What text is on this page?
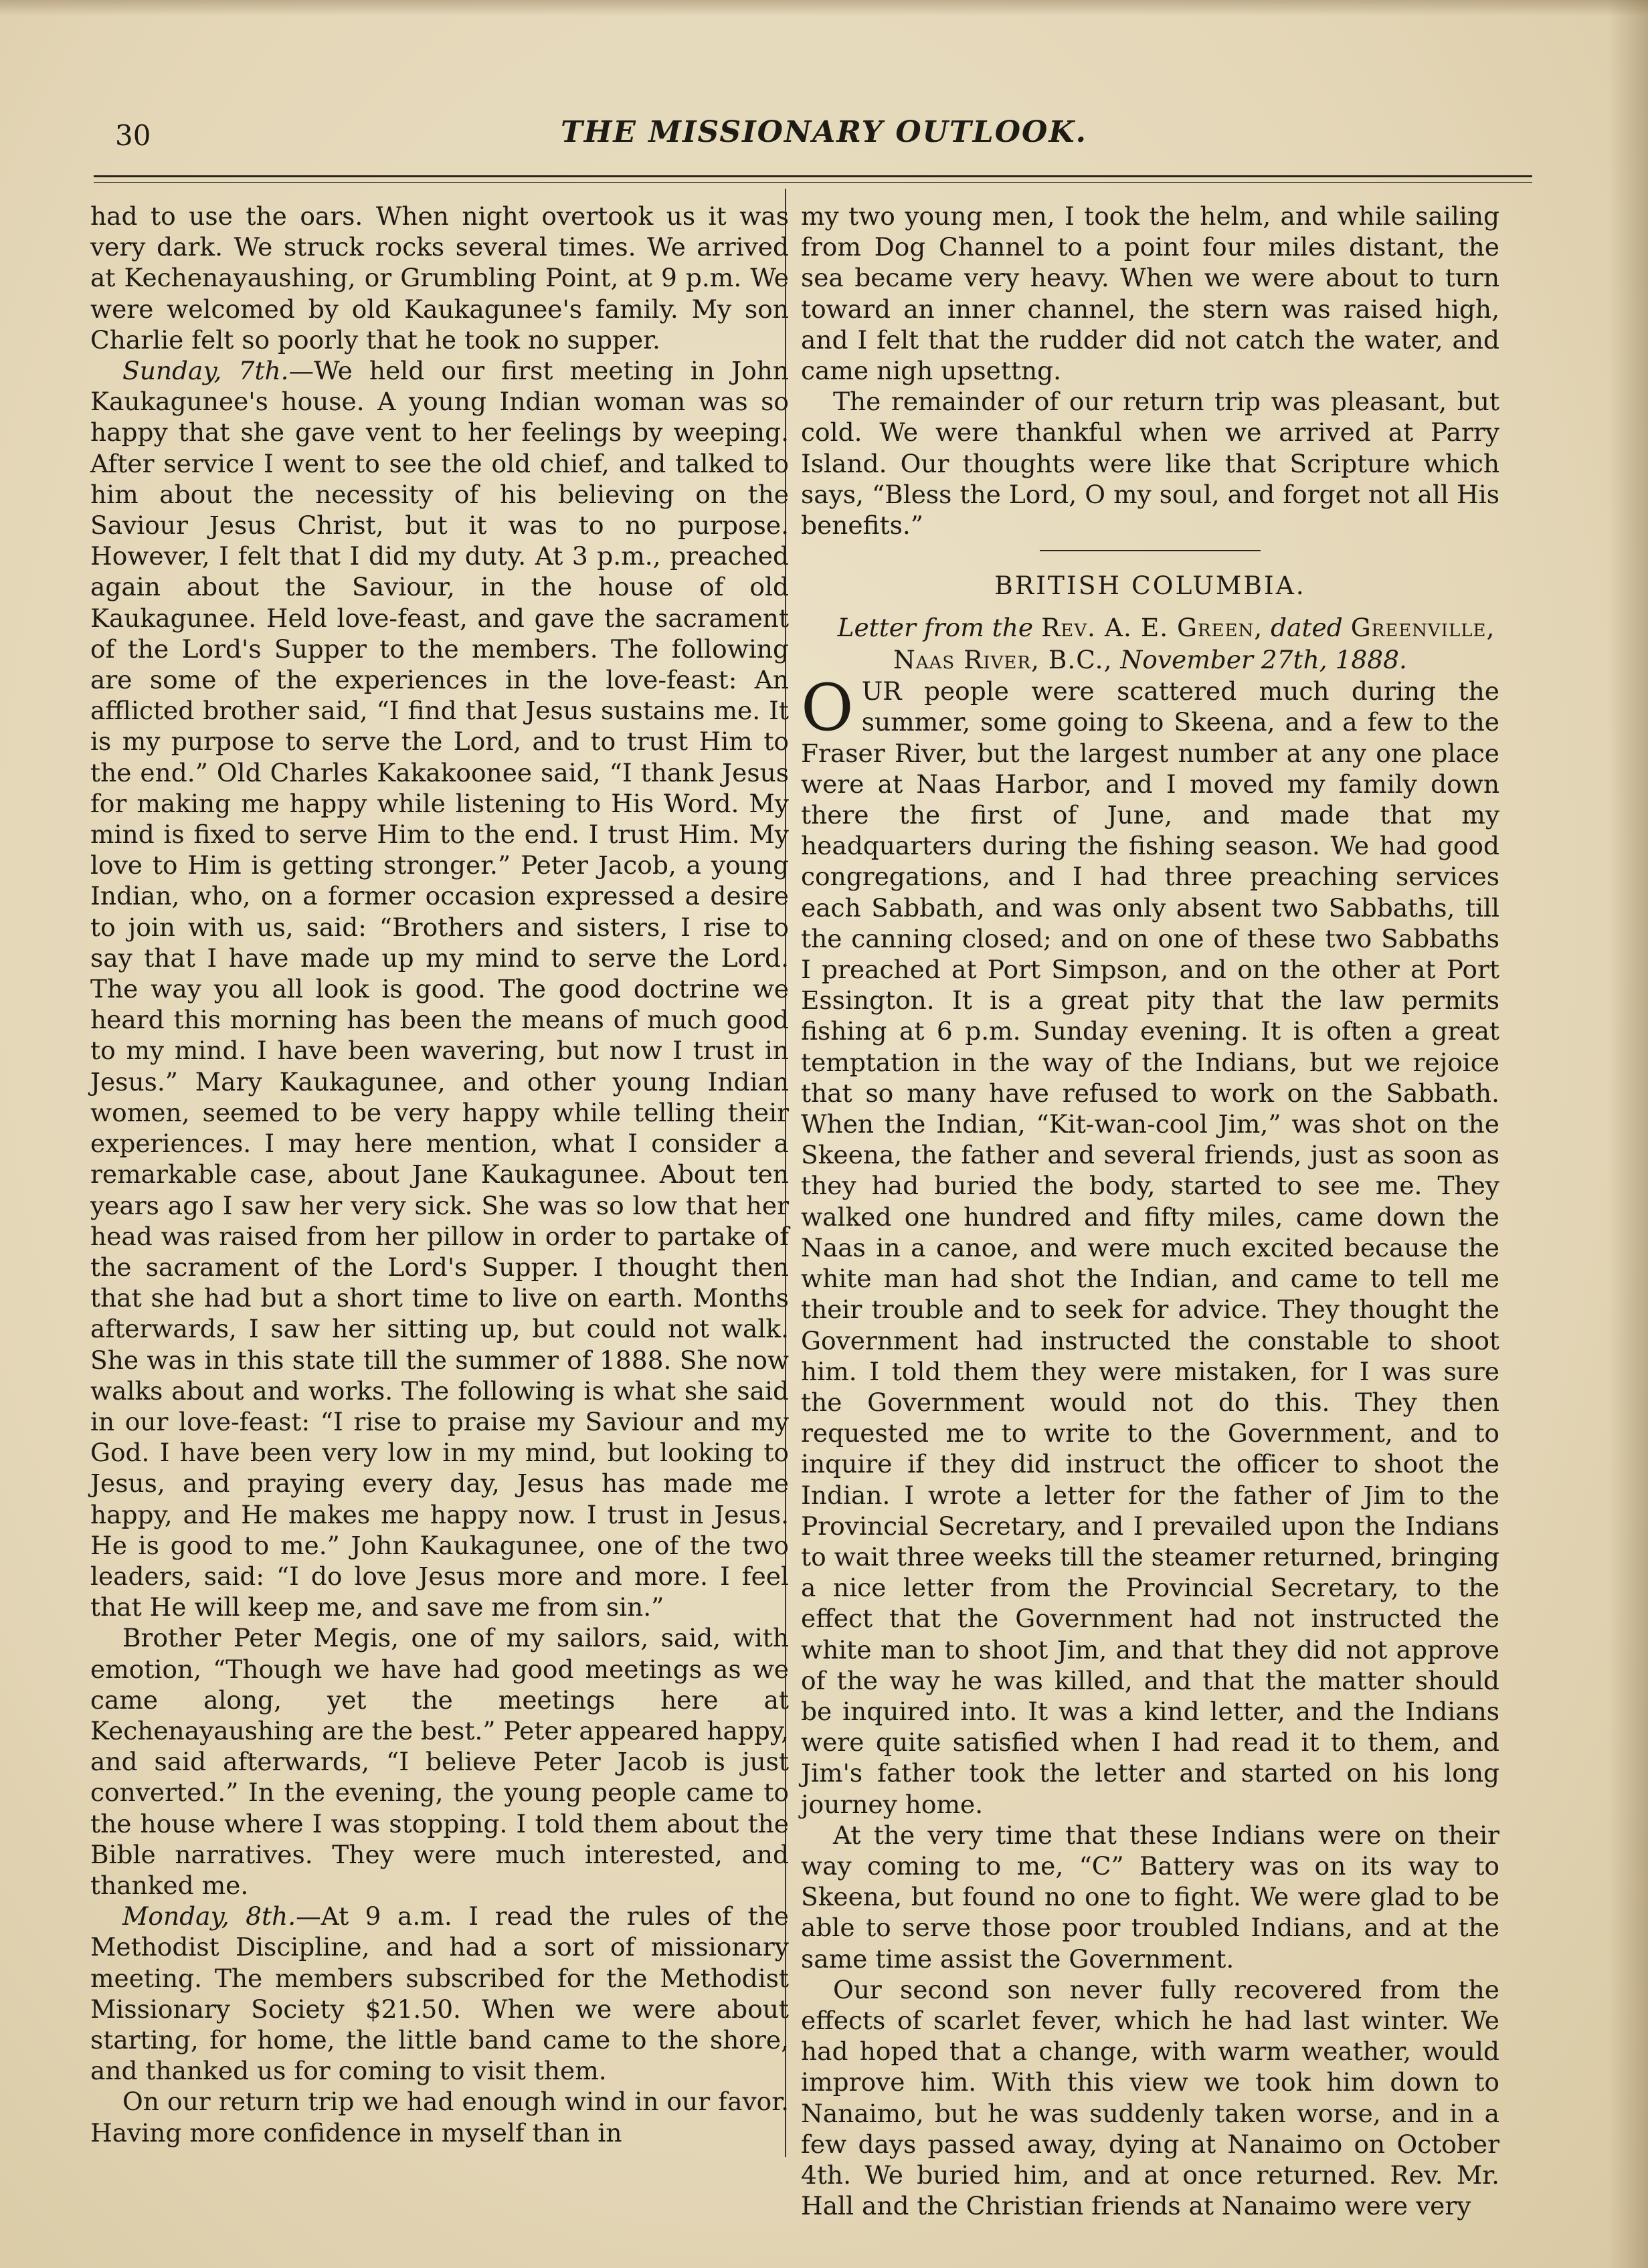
30	THE MISSIONARY OUTLOOK.

had to use the oars. When night overtook us it was very dark. We struck rocks several times. We arrived at Kechenayaushing, or Grumbling Point, at 9 p.m. We were welcomed by old Kaukagunee's family. My son Charlie felt so poorly that he took no supper.

Sunday, 7th.—We held our first meeting in John Kaukagunee's house. A young Indian woman was so happy that she gave vent to her feelings by weeping. After service I went to see the old chief, and talked to him about the necessity of his believing on the Saviour Jesus Christ, but it was to no purpose. However, I felt that I did my duty. At 3 p.m., preached again about the Saviour, in the house of old Kaukagunee. Held love-feast, and gave the sacrament of the Lord's Supper to the members. The following are some of the experiences in the love-feast: An afflicted brother said, “I find that Jesus sustains me. It is my purpose to serve the Lord, and to trust Him to the end.” Old Charles Kakakoonee said, “I thank Jesus for making me happy while listening to His Word. My mind is fixed to serve Him to the end. I trust Him. My love to Him is getting stronger.” Peter Jacob, a young Indian, who, on a former occasion expressed a desire to join with us, said: “Brothers and sisters, I rise to say that I have made up my mind to serve the Lord. The way you all look is good. The good doctrine we heard this morning has been the means of much good to my mind. I have been wavering, but now I trust in Jesus.” Mary Kaukagunee, and other young Indian women, seemed to be very happy while telling their experiences. I may here mention, what I consider a remarkable case, about Jane Kaukagunee. About ten years ago I saw her very sick. She was so low that her head was raised from her pillow in order to partake of the sacrament of the Lord's Supper. I thought then that she had but a short time to live on earth. Months afterwards, I saw her sitting up, but could not walk. She was in this state till the summer of 1888. She now walks about and works. The following is what she said in our love-feast: “I rise to praise my Saviour and my God. I have been very low in my mind, but looking to Jesus, and praying every day, Jesus has made me happy, and He makes me happy now. I trust in Jesus. He is good to me.” John Kaukagunee, one of the two leaders, said: “I do love Jesus more and more. I feel that He will keep me, and save me from sin.”

Brother Peter Megis, one of my sailors, said, with emotion, “Though we have had good meetings as we came along, yet the meetings here at Kechenayaushing are the best.” Peter appeared happy, and said afterwards, “I believe Peter Jacob is just converted.” In the evening, the young people came to the house where I was stopping. I told them about the Bible narratives. They were much interested, and thanked me.

Monday, 8th.—At 9 a.m. I read the rules of the Methodist Discipline, and had a sort of missionary meeting. The members subscribed for the Methodist Missionary Society $21.50. When we were about starting, for home, the little band came to the shore, and thanked us for coming to visit them.

On our return trip we had enough wind in our favor. Having more confidence in myself than in

my two young men, I took the helm, and while sailing from Dog Channel to a point four miles distant, the sea became very heavy. When we were about to turn toward an inner channel, the stern was raised high, and I felt that the rudder did not catch the water, and came nigh upsettng.

The remainder of our return trip was pleasant, but cold. We were thankful when we arrived at Parry Island. Our thoughts were like that Scripture which says, “Bless the Lord, O my soul, and forget not all His benefits.”

BRITISH COLUMBIA.

Letter from the Rev. A. E. Green, dated Greenville, Naas River, B.C., November 27th, 1888.

OUR people were scattered much during the summer, some going to Skeena, and a few to the Fraser River, but the largest number at any one place were at Naas Harbor, and I moved my family down there the first of June, and made that my headquarters during the fishing season. We had good congregations, and I had three preaching services each Sabbath, and was only absent two Sabbaths, till the canning closed; and on one of these two Sabbaths I preached at Port Simpson, and on the other at Port Essington. It is a great pity that the law permits fishing at 6 p.m. Sunday evening. It is often a great temptation in the way of the Indians, but we rejoice that so many have refused to work on the Sabbath. When the Indian, “Kit-wan-cool Jim,” was shot on the Skeena, the father and several friends, just as soon as they had buried the body, started to see me. They walked one hundred and fifty miles, came down the Naas in a canoe, and were much excited because the white man had shot the Indian, and came to tell me their trouble and to seek for advice. They thought the Government had instructed the constable to shoot him. I told them they were mistaken, for I was sure the Government would not do this. They then requested me to write to the Government, and to inquire if they did instruct the officer to shoot the Indian. I wrote a letter for the father of Jim to the Provincial Secretary, and I prevailed upon the Indians to wait three weeks till the steamer returned, bringing a nice letter from the Provincial Secretary, to the effect that the Government had not instructed the white man to shoot Jim, and that they did not approve of the way he was killed, and that the matter should be inquired into. It was a kind letter, and the Indians were quite satisfied when I had read it to them, and Jim's father took the letter and started on his long journey home.

At the very time that these Indians were on their way coming to me, “C” Battery was on its way to Skeena, but found no one to fight. We were glad to be able to serve those poor troubled Indians, and at the same time assist the Government.

Our second son never fully recovered from the effects of scarlet fever, which he had last winter. We had hoped that a change, with warm weather, would improve him. With this view we took him down to Nanaimo, but he was suddenly taken worse, and in a few days passed away, dying at Nanaimo on October 4th. We buried him, and at once returned. Rev. Mr. Hall and the Christian friends at Nanaimo were very
